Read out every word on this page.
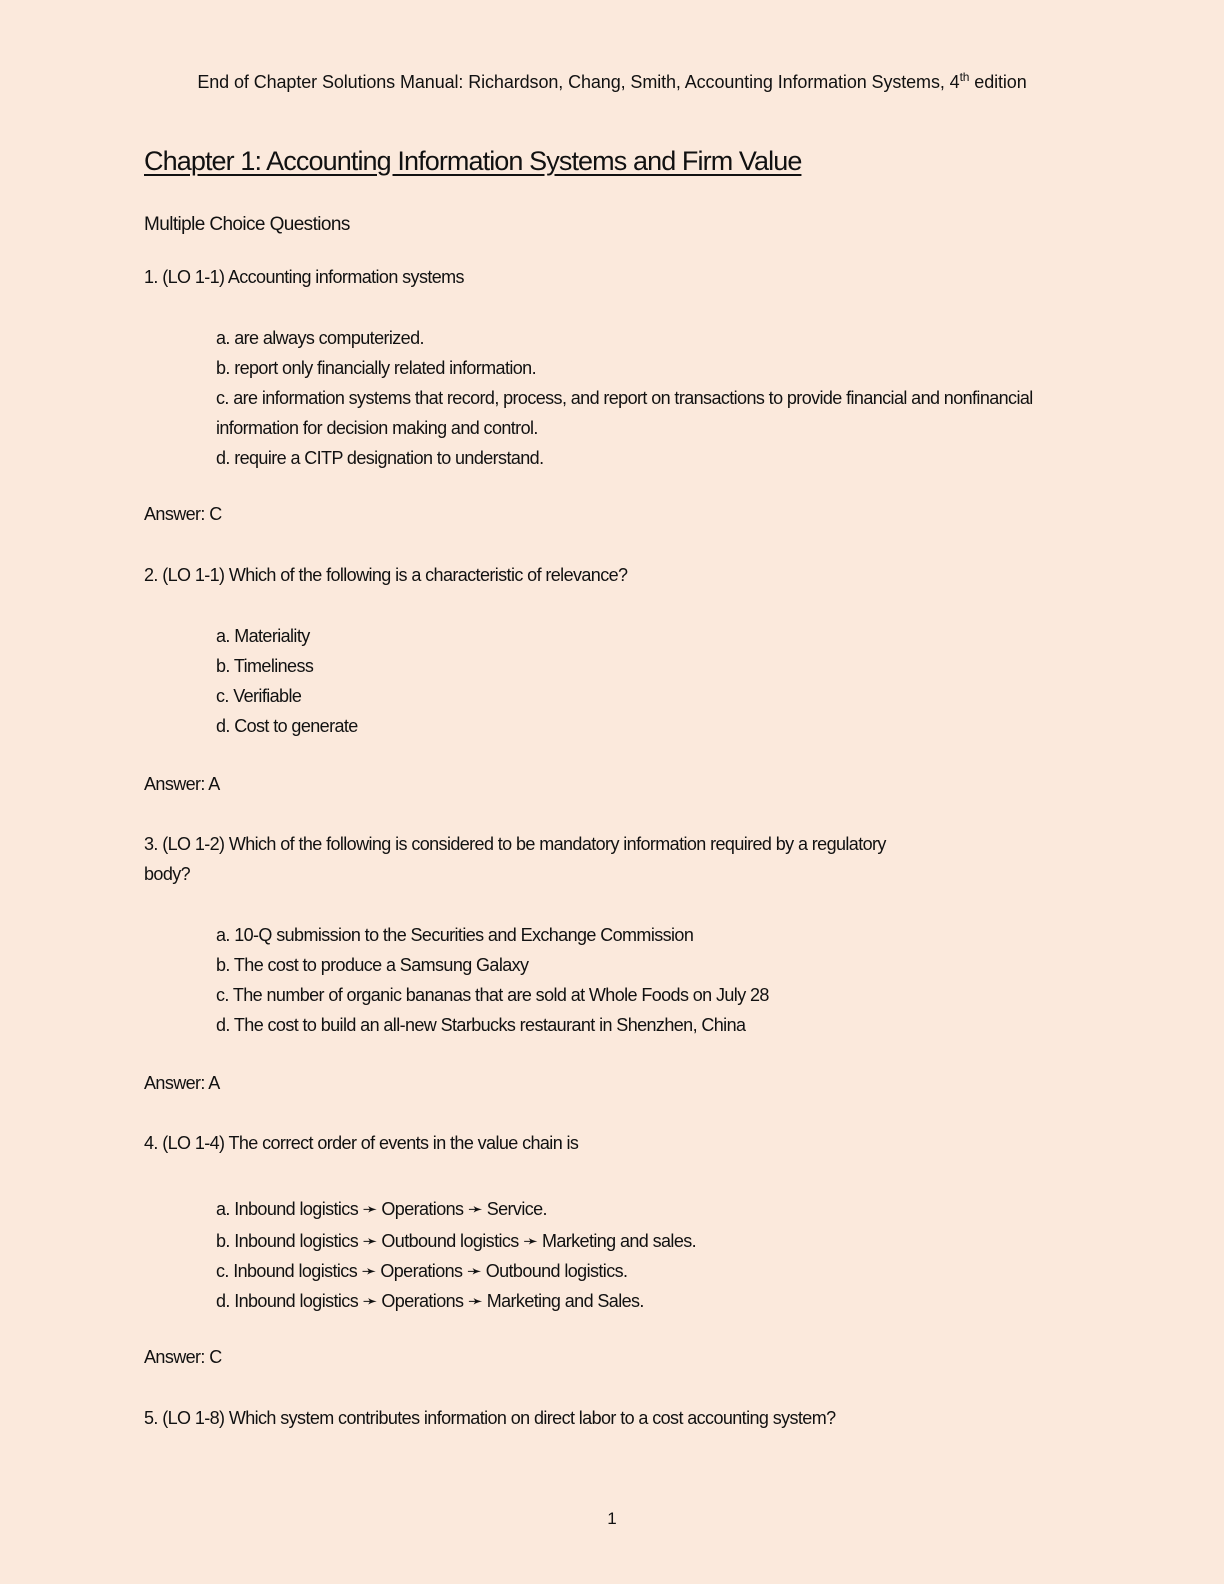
End of Chapter Solutions Manual: Richardson, Chang, Smith, Accounting Information Systems, 4th edition
Chapter 1: Accounting Information Systems and Firm Value
Multiple Choice Questions

1. (LO 1-1) Accounting information systems

a. are always computerized.
b. report only financially related information.
c. are information systems that record, process, and report on transactions to provide financial and nonfinancial information for decision making and control.
d. require a CITP designation to understand.

Answer: C

2. (LO 1-1) Which of the following is a characteristic of relevance?

a. Materiality
b. Timeliness
c. Verifiable
d. Cost to generate

Answer: A

3. (LO 1-2) Which of the following is considered to be mandatory information required by a regulatory body?

a. 10-Q submission to the Securities and Exchange Commission
b. The cost to produce a Samsung Galaxy
c. The number of organic bananas that are sold at Whole Foods on July 28
d. The cost to build an all-new Starbucks restaurant in Shenzhen, China

Answer: A

4. (LO 1-4) The correct order of events in the value chain is

a. Inbound logistics ➛ Operations ➛ Service.
b. Inbound logistics ➛ Outbound logistics ➛ Marketing and sales.
c. Inbound logistics ➛ Operations ➛ Outbound logistics.
d. Inbound logistics ➛ Operations ➛ Marketing and Sales.

Answer: C

5. (LO 1-8) Which system contributes information on direct labor to a cost accounting system?

1
